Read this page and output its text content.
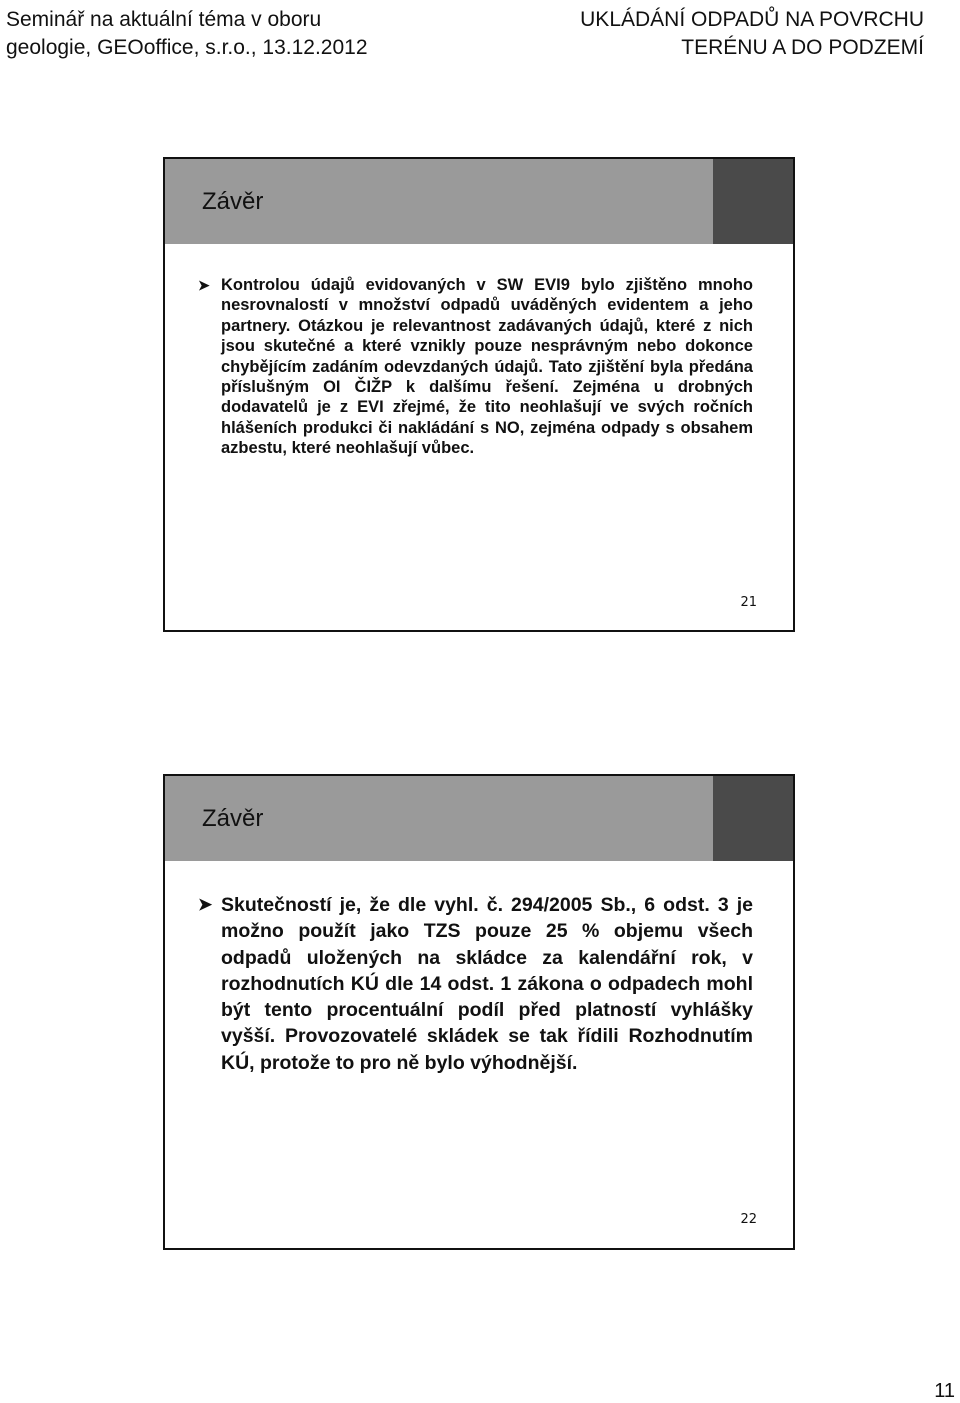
Seminář na aktuální téma v oboru
geologie, GEOoffice, s.r.o., 13.12.2012
UKLÁDÁNÍ ODPADŮ NA POVRCHU
TERÉNU A DO PODZEMÍ
Závěr
➤ Kontrolou údajů evidovaných v SW EVI9 bylo zjištěno mnoho nesrovnalostí v množství odpadů uváděných evidentem a jeho partnery. Otázkou je relevantnost zadávaných údajů, které z nich jsou skutečné a které vznikly pouze nesprávným nebo dokonce chybějícím zadáním odevzdaných údajů. Tato zjištění byla předána příslušným OI ČIŽP k dalšímu řešení. Zejména u drobných dodavatelů je z EVI zřejmé, že tito neohlašují ve svých ročních hlášeních produkci či nakládání s NO, zejména odpady s obsahem azbestu, které neohlašují vůbec.
21
Závěr
➤ Skutečností je, že dle vyhl. č. 294/2005 Sb., 6 odst. 3 je možno použít jako TZS pouze 25 % objemu všech odpadů uložených na skládce za kalendářní rok, v rozhodnutích KÚ dle 14 odst. 1 zákona o odpadech mohl být tento procentuální podíl před platností vyhlášky vyšší. Provozovatelé skládek se tak řídili Rozhodnutím KÚ, protože to pro ně bylo výhodnější.
22
11
